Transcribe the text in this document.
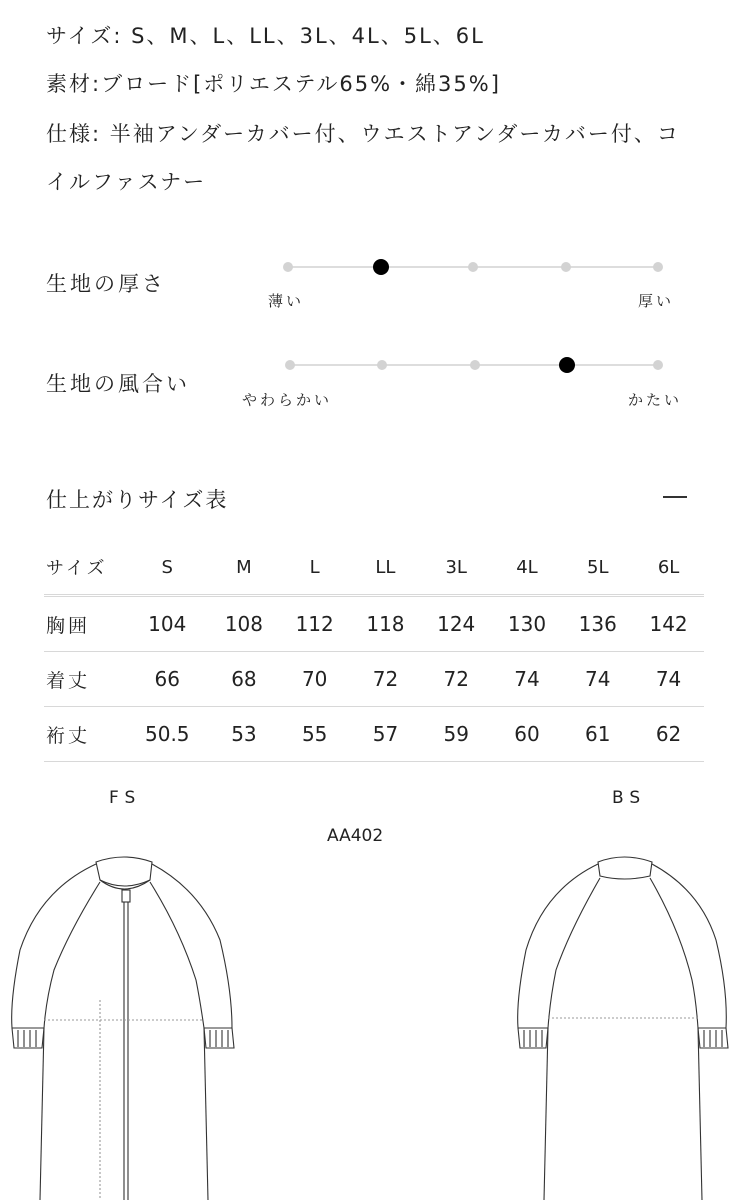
サイズ: S、M、L、LL、3L、4L、5L、6L
素材:ブロード[ポリエステル65%・綿35%]
仕様: 半袖アンダーカバー付、ウエストアンダーカバー付、コ
イルファスナー
生地の厚さ
薄い	厚い
生地の風合い
やわらかい	かたい
仕上がりサイズ表
サイズ	S	M	L	LL	3L	4L	5L	6L
胸囲	104	108	112	118	124	130	136	142
着丈	66	68	70	72	72	74	74	74
裄丈	50.5	53	55	57	59	60	61	62
FS	BS
AA402
